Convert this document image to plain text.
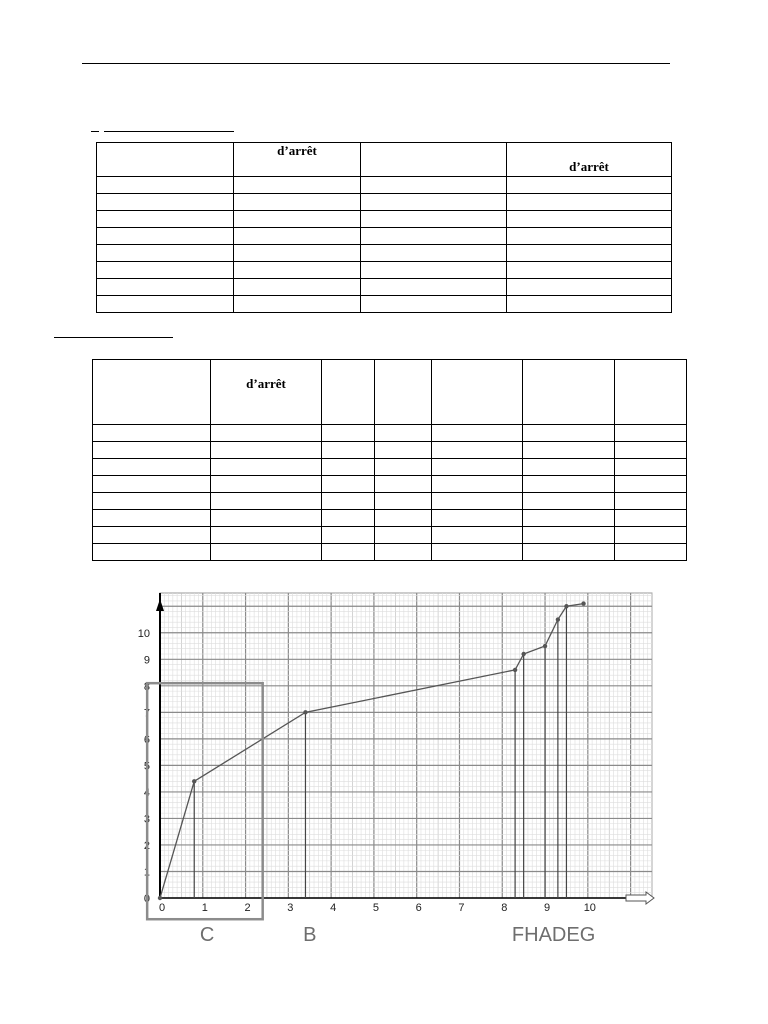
	d’arrêt		d’arrêt

	d’arrêt					

0
1
2
3
4
5
6
7
8
9
10
0	1	2	3	4	5	6	7	8	9	10
C	B	FHADEG
